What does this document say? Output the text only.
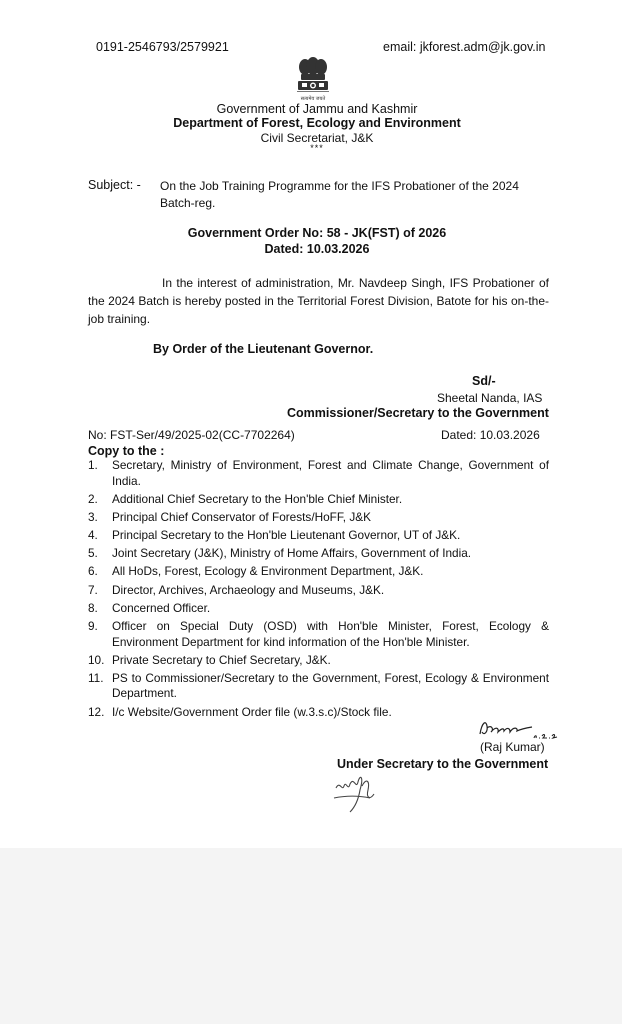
0191-2546793/2579921	email: jkforest.adm@jk.gov.in
सत्यमेव जयते
Government of Jammu and Kashmir
Department of Forest, Ecology and Environment
Civil Secretariat, J&K
***
Subject: - On the Job Training Programme for the IFS Probationer of the 2024 Batch-reg.
Government Order No: 58 - JK(FST) of 2026
Dated: 10.03.2026
In the interest of administration, Mr. Navdeep Singh, IFS Probationer of the 2024 Batch is hereby posted in the Territorial Forest Division, Batote for his on-the-job training.
By Order of the Lieutenant Governor.
Sd/-
Sheetal Nanda, IAS
Commissioner/Secretary to the Government
No: FST-Ser/49/2025-02(CC-7702264)	Dated: 10.03.2026
Copy to the :
1.	Secretary, Ministry of Environment, Forest and Climate Change, Government of India.
2.	Additional Chief Secretary to the Hon'ble Chief Minister.
3.	Principal Chief Conservator of Forests/HoFF, J&K
4.	Principal Secretary to the Hon'ble Lieutenant Governor, UT of J&K.
5.	Joint Secretary (J&K), Ministry of Home Affairs, Government of India.
6.	All HoDs, Forest, Ecology & Environment Department, J&K.
7.	Director, Archives, Archaeology and Museums, J&K.
8.	Concerned Officer.
9.	Officer on Special Duty (OSD) with Hon'ble Minister, Forest, Ecology & Environment Department for kind information of the Hon'ble Minister.
10. Private Secretary to Chief Secretary, J&K.
11. PS to Commissioner/Secretary to the Government, Forest, Ecology & Environment Department.
12. I/c Website/Government Order file (w.3.s.c)/Stock file.
(Raj Kumar)
Under Secretary to the Government
